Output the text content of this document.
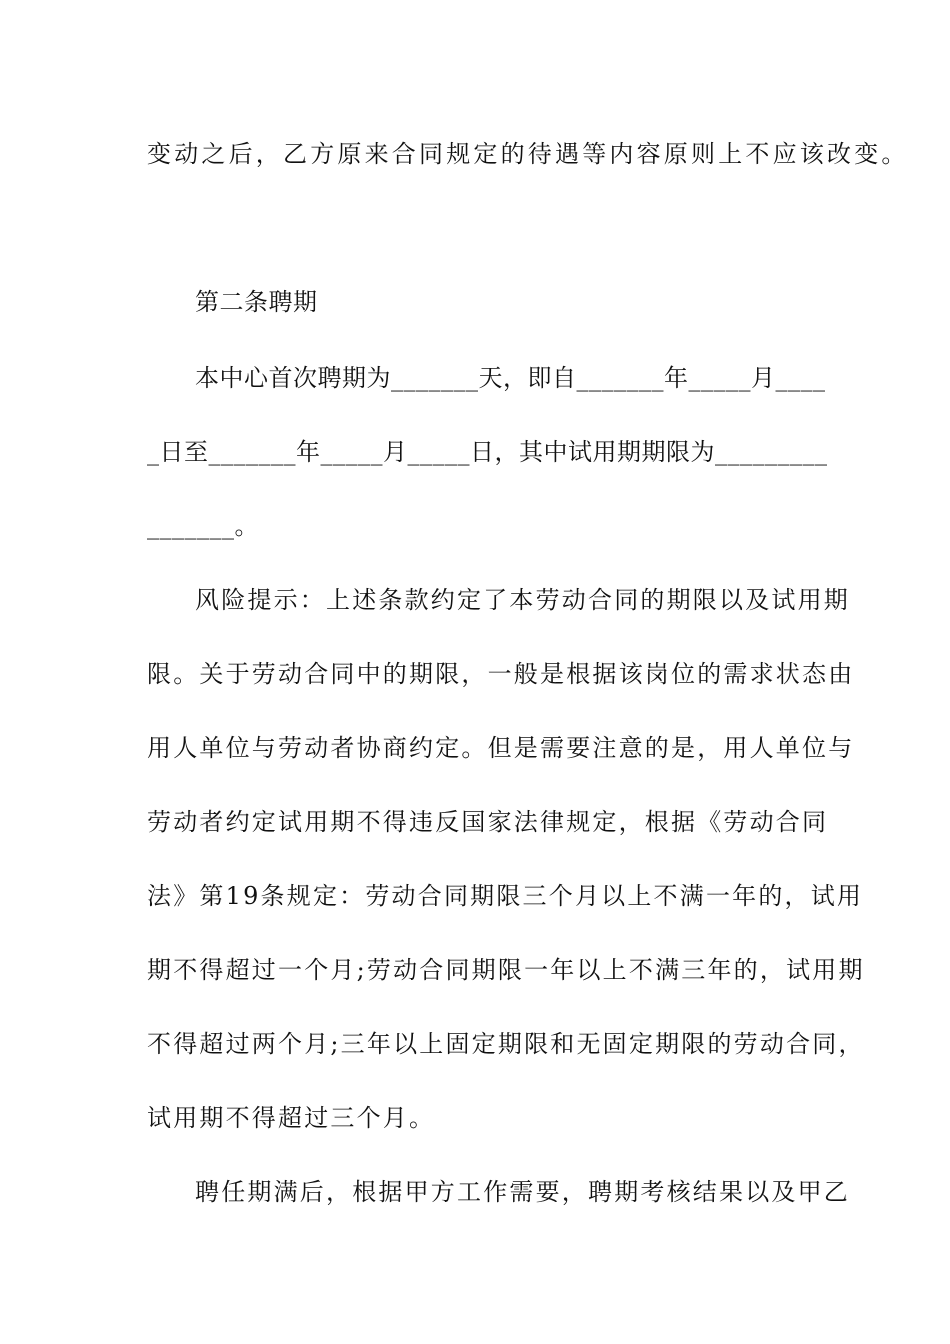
变动之后，乙方原来合同规定的待遇等内容原则上不应该改变。
第二条聘期
本中心首次聘期为_______天，即自_______年_____月____
_日至_______年_____月_____日，其中试用期期限为_________
_______。
风险提示：上述条款约定了本劳动合同的期限以及试用期
限。关于劳动合同中的期限，一般是根据该岗位的需求状态由
用人单位与劳动者协商约定。但是需要注意的是，用人单位与
劳动者约定试用期不得违反国家法律规定，根据《劳动合同
法》第19条规定：劳动合同期限三个月以上不满一年的，试用
期不得超过一个月;劳动合同期限一年以上不满三年的，试用期
不得超过两个月;三年以上固定期限和无固定期限的劳动合同，
试用期不得超过三个月。
聘任期满后，根据甲方工作需要，聘期考核结果以及甲乙
